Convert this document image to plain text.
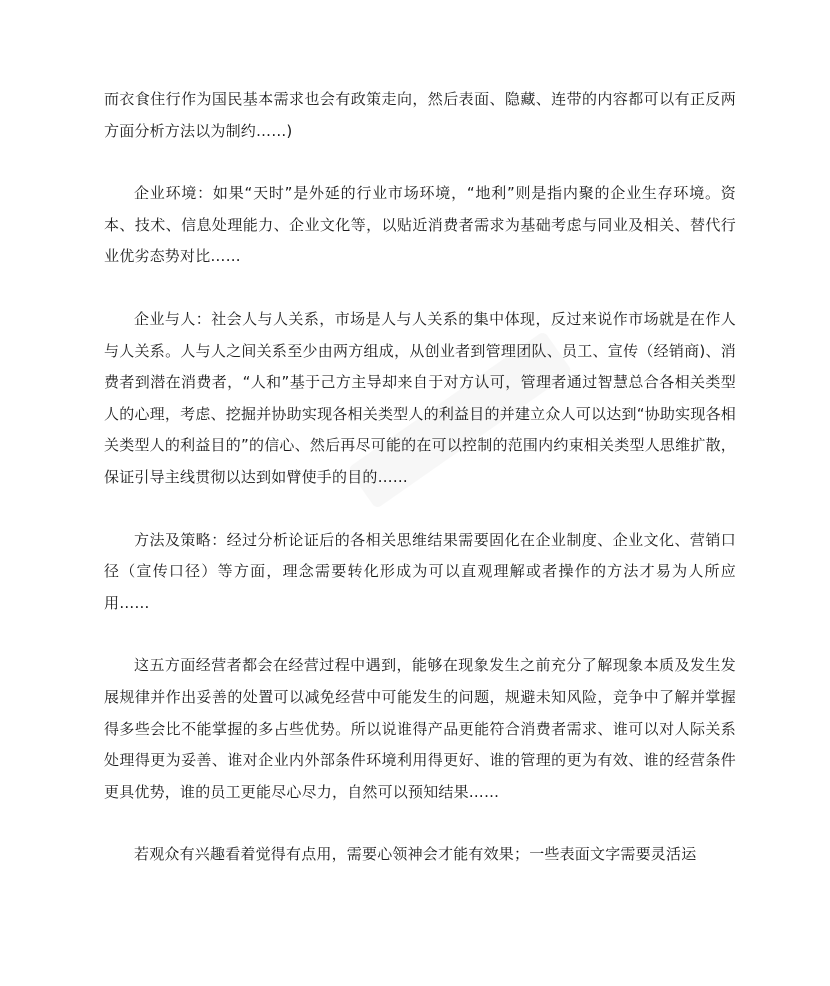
而衣食住行作为国民基本需求也会有政策走向，然后表面、隐藏、连带的内容都可以有正反两方面分析方法以为制约……)

企业环境：如果“天时”是外延的行业市场环境，“地利”则是指内聚的企业生存环境。资本、技术、信息处理能力、企业文化等，以贴近消费者需求为基础考虑与同业及相关、替代行业优劣态势对比……

企业与人：社会人与人关系，市场是人与人关系的集中体现，反过来说作市场就是在作人与人关系。人与人之间关系至少由两方组成，从创业者到管理团队、员工、宣传（经销商)、消费者到潜在消费者，“人和”基于己方主导却来自于对方认可，管理者通过智慧总合各相关类型人的心理，考虑、挖掘并协助实现各相关类型人的利益目的并建立众人可以达到“协助实现各相关类型人的利益目的”的信心、然后再尽可能的在可以控制的范围内约束相关类型人思维扩散，保证引导主线贯彻以达到如臂使手的目的……

方法及策略：经过分析论证后的各相关思维结果需要固化在企业制度、企业文化、营销口径（宣传口径）等方面，理念需要转化形成为可以直观理解或者操作的方法才易为人所应用……

这五方面经营者都会在经营过程中遇到，能够在现象发生之前充分了解现象本质及发生发展规律并作出妥善的处置可以减免经营中可能发生的问题，规避未知风险，竞争中了解并掌握得多些会比不能掌握的多占些优势。所以说谁得产品更能符合消费者需求、谁可以对人际关系处理得更为妥善、谁对企业内外部条件环境利用得更好、谁的管理的更为有效、谁的经营条件更具优势，谁的员工更能尽心尽力，自然可以预知结果……

若观众有兴趣看着觉得有点用，需要心领神会才能有效果；一些表面文字需要灵活运
